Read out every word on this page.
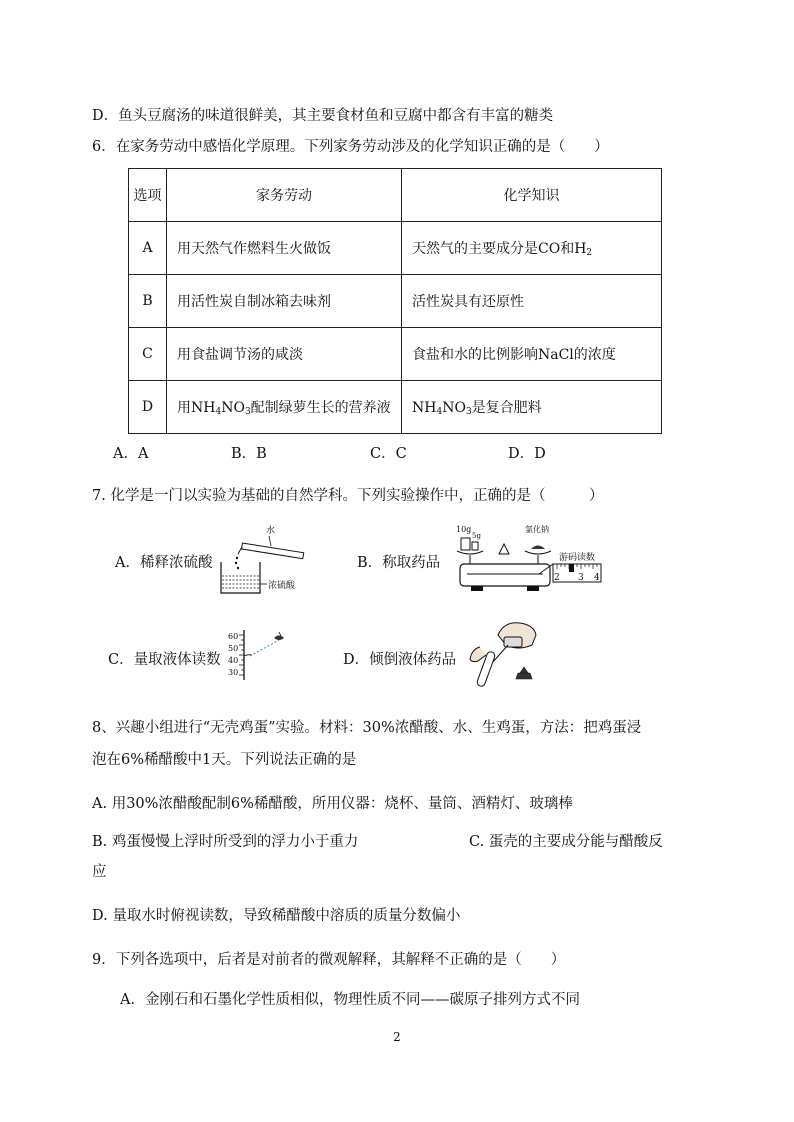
D．鱼头豆腐汤的味道很鲜美，其主要食材鱼和豆腐中都含有丰富的糖类
6．在家务劳动中感悟化学原理。下列家务劳动涉及的化学知识正确的是（　　）
选项	家务劳动	化学知识
A	用天然气作燃料生火做饭	天然气的主要成分是CO和$H_2$
B	用活性炭自制冰箱去味剂	活性炭具有还原性
C	用食盐调节汤的咸淡	食盐和水的比例影响NaCl的浓度
D	用$NH_4NO_3$配制绿萝生长的营养液	$NH_4NO_3$是复合肥料
A．A	B．B	C．C	D．D
7. 化学是一门以实验为基础的自然学科。下列实验操作中，正确的是（　　　）
A．稀释浓硫酸
水
浓硫酸
B．称取药品
10g
5g
氯化钠
游码读数
2 3 4
C．量取液体读数
60
50
40
30
D．倾倒液体药品
8、兴趣小组进行“无壳鸡蛋”实验。材料：30%浓醋酸、水、生鸡蛋，方法：把鸡蛋浸
泡在6%稀醋酸中1天。下列说法正确的是
A. 用30%浓醋酸配制6%稀醋酸，所用仪器：烧杯、量筒、酒精灯、玻璃棒
B. 鸡蛋慢慢上浮时所受到的浮力小于重力	C. 蛋壳的主要成分能与醋酸反
应
D. 量取水时俯视读数，导致稀醋酸中溶质的质量分数偏小
9．下列各选项中，后者是对前者的微观解释，其解释不正确的是（　　）
A．金刚石和石墨化学性质相似，物理性质不同——碳原子排列方式不同
2
